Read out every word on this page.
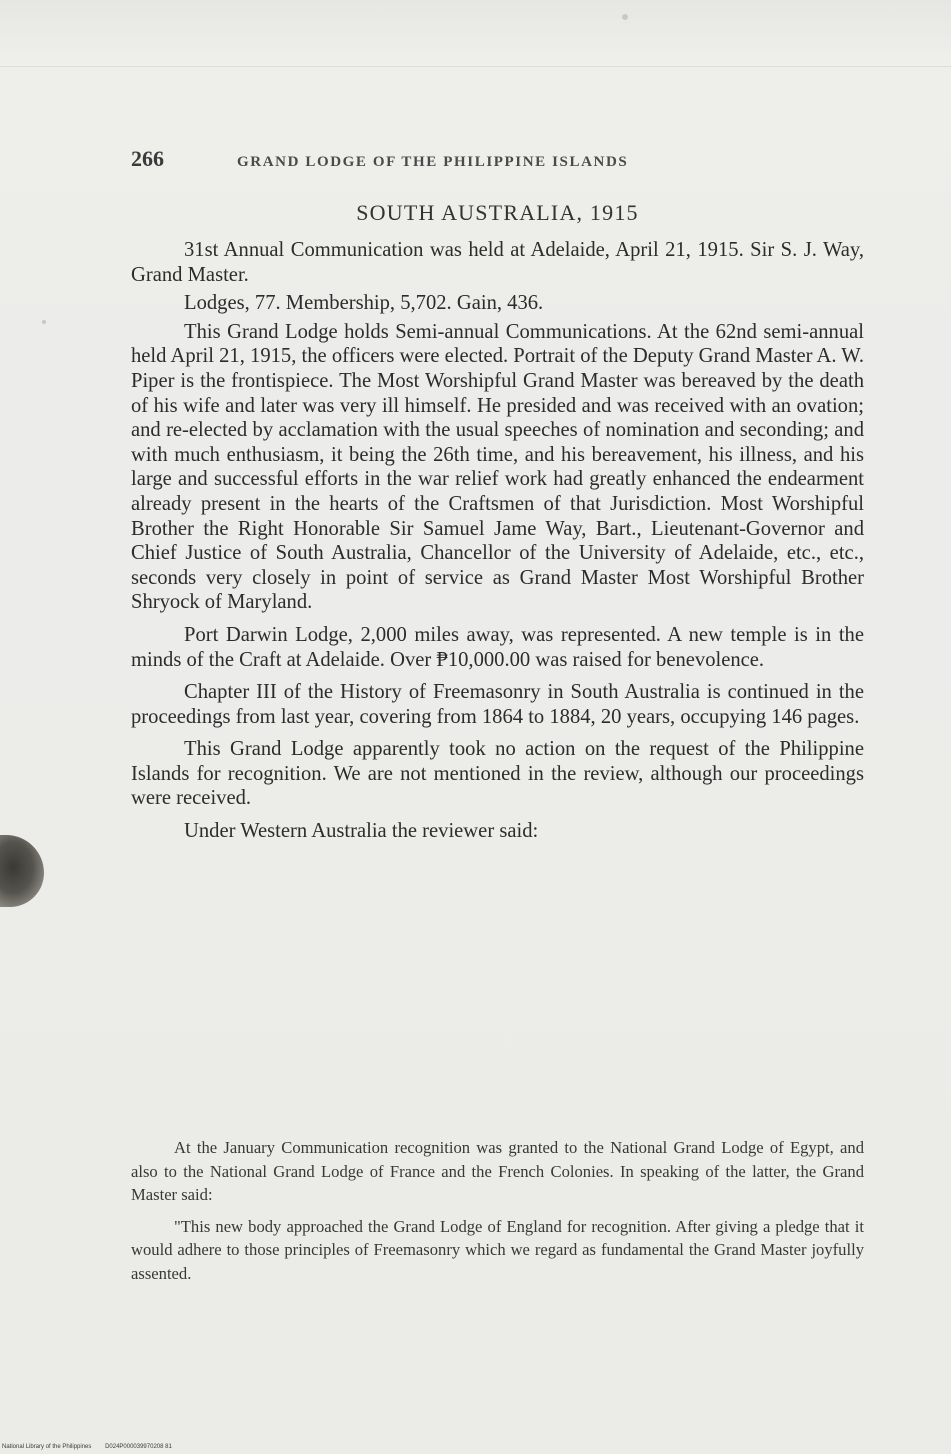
266	GRAND LODGE OF THE PHILIPPINE ISLANDS
SOUTH AUSTRALIA, 1915

31st Annual Communication was held at Adelaide, April 21, 1915. Sir S. J. Way, Grand Master.

Lodges, 77. Membership, 5,702. Gain, 436.

This Grand Lodge holds Semi-annual Communications. At the 62nd semi-annual held April 21, 1915, the officers were elected. Portrait of the Deputy Grand Master A. W. Piper is the frontispiece. The Most Worshipful Grand Master was bereaved by the death of his wife and later was very ill himself. He presided and was received with an ovation; and re-elected by acclamation with the usual speeches of nomination and seconding; and with much enthusiasm, it being the 26th time, and his bereavement, his illness, and his large and successful efforts in the war relief work had greatly enhanced the endearment already present in the hearts of the Craftsmen of that Jurisdiction. Most Worshipful Brother the Right Honorable Sir Samuel Jame Way, Bart., Lieutenant-Governor and Chief Justice of South Australia, Chancellor of the University of Adelaide, etc., etc., seconds very closely in point of service as Grand Master Most Worshipful Brother Shryock of Maryland.

Port Darwin Lodge, 2,000 miles away, was represented. A new temple is in the minds of the Craft at Adelaide. Over ₱10,000.00 was raised for benevolence.

Chapter III of the History of Freemasonry in South Australia is continued in the proceedings from last year, covering from 1864 to 1884, 20 years, occupying 146 pages.

This Grand Lodge apparently took no action on the request of the Philippine Islands for recognition. We are not mentioned in the review, although our proceedings were received.

Under Western Australia the reviewer said:

At the January Communication recognition was granted to the National Grand Lodge of Egypt, and also to the National Grand Lodge of France and the French Colonies. In speaking of the latter, the Grand Master said:

"This new body approached the Grand Lodge of England for recognition. After giving a pledge that it would adhere to those principles of Freemasonry which we regard as fundamental the Grand Master joyfully assented.

National Library of the Philippines D024P000039970208 81
